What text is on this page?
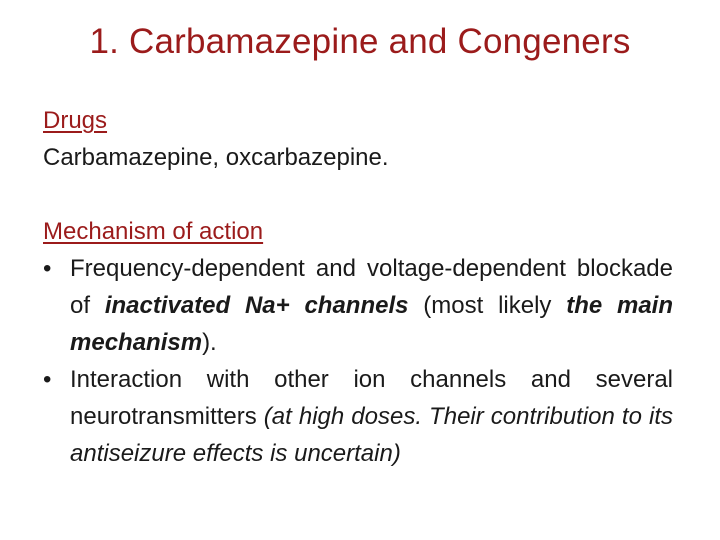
1. Carbamazepine and Congeners
Drugs
Carbamazepine, oxcarbazepine.
Mechanism of action
• Frequency-dependent and voltage-dependent blockade of inactivated Na+ channels (most likely the main mechanism).
• Interaction with other ion channels and several neurotransmitters (at high doses. Their contribution to its antiseizure effects is uncertain)
